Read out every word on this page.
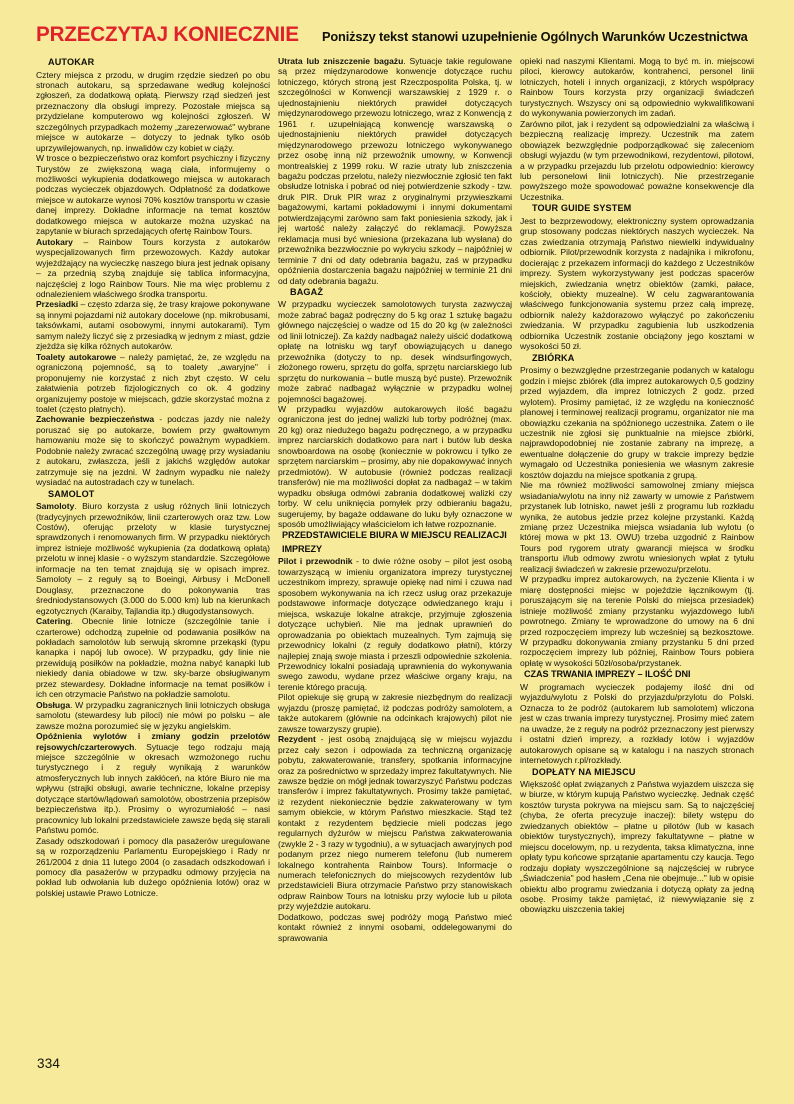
PRZECZYTAJ KONIECZNIE Poniższy tekst stanowi uzupełnienie Ogólnych Warunków Uczestnictwa
AUTOKAR

Cztery miejsca z przodu, w drugim rzędzie siedzeń po obu stronach autokaru, są sprzedawane według kolejności zgłoszeń, za dodatkową opłatą. Pierwszy rząd siedzeń jest przeznaczony dla obsługi imprezy. Pozostałe miejsca są przydzielane komputerowo wg kolejności zgłoszeń. W szczególnych przypadkach możemy „zarezerwować" wybrane miejsce w autokarze – dotyczy to jednak tylko osób uprzywilejowanych, np. inwalidów czy kobiet w ciąży.

W trosce o bezpieczeństwo oraz komfort psychiczny i fizyczny Turystów ze zwiększoną wagą ciała, informujemy o możliwości wykupienia dodatkowego miejsca w autokarach podczas wycieczek objazdowych. Odpłatność za dodatkowe miejsce w autokarze wynosi 70% kosztów transportu w czasie danej imprezy. Dokładne informacje na temat kosztów dodatkowego miejsca w autokarze można uzyskać na zapytanie w biurach sprzedających ofertę Rainbow Tours.

Autokary – Rainbow Tours korzysta z autokarów wyspecjalizowanych firm przewozowych. Każdy autokar wyjeżdżający na wycieczkę naszego biura jest jednak opisany – za przednią szybą znajduje się tablica informacyjna, najczęściej z logo Rainbow Tours. Nie ma więc problemu z odnalezieniem właściwego środka transportu.

Przesiadki – często zdarza się, że trasy krajowe pokonywane są innymi pojazdami niż autokary docelowe (np. mikrobusami, taksówkami, autami osobowymi, innymi autokarami). Tym samym należy liczyć się z przesiadką w jednym z miast, gdzie zjeżdża się kilka różnych autokarów.

Toalety autokarowe – należy pamiętać, że, ze względu na ograniczoną pojemność, są to toalety „awaryjne" i proponujemy nie korzystać z nich zbyt często. W celu załatwienia potrzeb fizjologicznych co ok. 4 godziny organizujemy postoje w miejscach, gdzie skorzystać można z toalet (często płatnych).

Zachowanie bezpieczeństwa - podczas jazdy nie należy poruszać się po autokarze, bowiem przy gwałtownym hamowaniu może się to skończyć poważnym wypadkiem. Podobnie należy zwracać szczególną uwagę przy wysiadaniu z autokaru, zwłaszcza, jeśli z jakichś względów autokar zatrzymuje się na jezdni. W żadnym wypadku nie należy wysiadać na autostradach czy w tunelach.

SAMOLOT

Samoloty. Biuro korzysta z usług różnych linii lotniczych (tradycyjnych przewoźników, linii czarterowych oraz tzw. Low Costów), oferując przeloty w klasie turystycznej sprawdzonych i renomowanych firm. W przypadku niektórych imprez istnieje możliwość wykupienia (za dodatkową opłatą) przelotu w innej klasie - o wyższym standardzie. Szczegółowe informacje na ten temat znajdują się w opisach imprez. Samoloty – z reguły są to Boeingi, Airbusy i McDonell Douglasy, przeznaczone do pokonywania tras średniodystansowych (3.000 do 5.000 km) lub na kierunkach egzotycznych (Karaiby, Tajlandia itp.) długodystansowych.

Catering. Obecnie linie lotnicze (szczególnie tanie i czarterowe) odchodzą zupełnie od podawania posiłków na pokładach samolotów lub serwują skromne przekąski (typu kanapka i napój lub owoce). W przypadku, gdy linie nie przewidują posiłków na pokładzie, można nabyć kanapki lub niekiedy dania obiadowe w tzw. sky-barze obsługiwanym przez stewardesy. Dokładne informacje na temat posiłków i ich cen otrzymacie Państwo na pokładzie samolotu.

Obsługa. W przypadku zagranicznych linii lotniczych obsługa samolotu (stewardesy lub piloci) nie mówi po polsku – ale zawsze można porozumieć się w języku angielskim.

Opóźnienia wylotów i zmiany godzin przelotów rejsowych/czarterowych. Sytuacje tego rodzaju mają miejsce szczególnie w okresach wzmożonego ruchu turystycznego i z reguły wynikają z warunków atmosferycznych lub innych zakłóceń, na które Biuro nie ma wpływu (strajki obsługi, awarie techniczne, lokalne przepisy dotyczące startów/lądowań samolotów, obostrzenia przepisów bezpieczeństwa itp.). Prosimy o wyrozumiałość – nasi pracownicy lub lokalni przedstawiciele zawsze będą się starali Państwu pomóc.

Zasady odszkodowań i pomocy dla pasażerów uregulowane są w rozporządzeniu Parlamentu Europejskiego i Rady nr 261/2004 z dnia 11 lutego 2004 (o zasadach odszkodowań i pomocy dla pasażerów w przypadku odmowy przyjęcia na pokład lub odwołania lub dużego opóźnienia lotów) oraz w polskiej ustawie Prawo Lotnicze.

Utrata lub zniszczenie bagażu. Sytuacje takie regulowane są przez międzynarodowe konwencje dotyczące ruchu lotniczego, których stroną jest Rzeczpospolita Polska, tj. w szczególności w Konwencji warszawskiej z 1929 r. o ujednostajnieniu niektórych prawideł dotyczących międzynarodowego przewozu lotniczego, wraz z Konwencją z 1961 r. uzupełniającą konwencję warszawską o ujednostajnieniu niektórych prawideł dotyczących międzynarodowego przewozu lotniczego wykonywanego przez osobę inną niż przewoźnik umowny, w Konwencji montrealskiej z 1999 roku. W razie utraty lub zniszczenia bagażu podczas przelotu, należy niezwłocznie zgłosić ten fakt obsłudze lotniska i pobrać od niej potwierdzenie szkody - tzw. druk PIR. Druk PIR wraz z oryginalnymi przywieszkami bagażowymi, kartami pokładowymi i innymi dokumentami potwierdzającymi zarówno sam fakt poniesienia szkody, jak i jej wartość należy załączyć do reklamacji. Powyższa reklamacja musi być wniesiona (przekazana lub wysłana) do przewoźnika bezzwłocznie po wykryciu szkody – najpóźniej w terminie 7 dni od daty odebrania bagażu, zaś w przypadku opóźnienia dostarczenia bagażu najpóźniej w terminie 21 dni od daty odebrania bagażu.

BAGAŻ

W przypadku wycieczek samolotowych turysta zazwyczaj może zabrać bagaż podręczny do 5 kg oraz 1 sztukę bagażu głównego najczęściej o wadze od 15 do 20 kg (w zależności od linii lotniczej). Za każdy nadbagaż należy uiścić dodatkową opłatę na lotnisku wg taryf obowiązujących u danego przewoźnika (dotyczy to np. desek windsurfingowych, złożonego roweru, sprzętu do golfa, sprzętu narciarskiego lub sprzętu do nurkowania – butle muszą być puste). Przewoźnik może zabrać nadbagaż wyłącznie w przypadku wolnej pojemności bagażowej.

W przypadku wyjazdów autokarowych ilość bagażu ograniczona jest do jednej walizki lub torby podróżnej (max. 20 kg) oraz niedużego bagażu podręcznego, a w przypadku imprez narciarskich dodatkowo para nart i butów lub deska snowboardowa na osobę (koniecznie w pokrowcu i tylko ze sprzętem narciarskim – prosimy, aby nie dopakowywać innych przedmiotów). W autobusie (również podczas realizacji transferów) nie ma możliwości dopłat za nadbagaż – w takim wypadku obsługa odmówi zabrania dodatkowej walizki czy torby. W celu uniknięcia pomyłek przy odbieraniu bagażu, sugerujemy, by bagaże oddawane do luku były oznaczone w sposób umożliwiający właścicielom ich łatwe rozpoznanie.

PRZEDSTAWICIELE BIURA W MIEJSCU REALIZACJI IMPREZY

Pilot i przewodnik - to dwie różne osoby – pilot jest osobą towarzyszącą w imieniu organizatora imprezy turystycznej uczestnikom imprezy, sprawuje opiekę nad nimi i czuwa nad sposobem wykonywania na ich rzecz usług oraz przekazuje podstawowe informacje dotyczące odwiedzanego kraju i miejsca, wskazuje lokalne atrakcje, przyjmuje zgłoszenia dotyczące uchybień. Nie ma jednak uprawnień do oprowadzania po obiektach muzealnych. Tym zajmują się przewodnicy lokalni (z reguły dodatkowo płatni), którzy najlepiej znają swoje miasta i przeszli odpowiednie szkolenia. Przewodnicy lokalni posiadają uprawnienia do wykonywania swego zawodu, wydane przez właściwe organy kraju, na terenie którego pracują.

Pilot opiekuje się grupą w zakresie niezbędnym do realizacji wyjazdu (proszę pamiętać, iż podczas podróży samolotem, a także autokarem (głównie na odcinkach krajowych) pilot nie zawsze towarzyszy grupie).

Rezydent - jest osobą znajdującą się w miejscu wyjazdu przez cały sezon i odpowiada za techniczną organizację pobytu, zakwaterowanie, transfery, spotkania informacyjne oraz za pośrednictwo w sprzedaży imprez fakultatywnych. Nie zawsze będzie on mógł jednak towarzyszyć Państwu podczas transferów i imprez fakultatywnych. Prosimy także pamiętać, iż rezydent niekoniecznie będzie zakwaterowany w tym samym obiekcie, w którym Państwo mieszkacie. Stąd też kontakt z rezydentem będziecie mieli podczas jego regularnych dyżurów w miejscu Państwa zakwaterowania (zwykle 2 - 3 razy w tygodniu), a w sytuacjach awaryjnych pod podanym przez niego numerem telefonu (lub numerem lokalnego kontrahenta Rainbow Tours). Informacje o numerach telefonicznych do miejscowych rezydentów lub przedstawicieli Biura otrzymacie Państwo przy stanowiskach odpraw Rainbow Tours na lotnisku przy wylocie lub u pilota przy wyjeździe autokaru.

Dodatkowo, podczas swej podróży mogą Państwo mieć kontakt również z innymi osobami, oddelegowanymi do sprawowania

opieki nad naszymi Klientami. Mogą to być m. in. miejscowi piloci, kierowcy autokarów, kontrahenci, personel linii lotniczych, hoteli i innych organizacji, z których współpracy Rainbow Tours korzysta przy organizacji świadczeń turystycznych. Wszyscy oni są odpowiednio wykwalifikowani do wykonywania powierzonych im zadań.

Zarówno pilot, jak i rezydent są odpowiedzialni za właściwą i bezpieczną realizację imprezy. Uczestnik ma zatem obowiązek bezwzględnie podporządkować się zaleceniom obsługi wyjazdu (w tym przewodnikowi, rezydentowi, pilotowi, a w przypadku przejazdu lub przelotu odpowiednio: kierowcy lub personelowi linii lotniczych). Nie przestrzeganie powyższego może spowodować poważne konsekwencje dla Uczestnika.

TOUR GUIDE SYSTEM

Jest to bezprzewodowy, elektroniczny system oprowadzania grup stosowany podczas niektórych naszych wycieczek. Na czas zwiedzania otrzymają Państwo niewielki indywidualny odbiornik. Pilot/przewodnik korzysta z nadajnika i mikrofonu, docierając z przekazem informacji do każdego z Uczestników imprezy. System wykorzystywany jest podczas spacerów miejskich, zwiedzania wnętrz obiektów (zamki, pałace, kościoły, obiekty muzealne). W celu zagwarantowania właściwego funkcjonowania systemu przez całą imprezę, odbiornik należy każdorazowo wyłączyć po zakończeniu zwiedzania. W przypadku zagubienia lub uszkodzenia odbiornika Uczestnik zostanie obciążony jego kosztami w wysokości 50 zł.

ZBIÓRKA

Prosimy o bezwzględne przestrzeganie podanych w katalogu godzin i miejsc zbiórek (dla imprez autokarowych 0,5 godziny przed wyjazdem, dla imprez lotniczych 2 godz. przed wylotem). Prosimy pamiętać, iż ze względu na konieczność planowej i terminowej realizacji programu, organizator nie ma obowiązku czekania na spóźnionego uczestnika. Zatem o ile uczestnik nie zgłosi się punktualnie na miejsce zbiórki, najprawdopodobniej nie zostanie zabrany na imprezę, a ewentualne dołączenie do grupy w trakcie imprezy będzie wymagało od Uczestnika poniesienia we własnym zakresie kosztów dojazdu na miejsce spotkania z grupą.

Nie ma również możliwości samowolnej zmiany miejsca wsiadania/wylotu na inny niż zawarty w umowie z Państwem przystanek lub lotnisko, nawet jeśli z programu lub rozkładu wynika, że autobus jedzie przez kolejne przystanki. Każdą zmianę przez Uczestnika miejsca wsiadania lub wylotu (o której mowa w pkt 13. OWU) trzeba uzgodnić z Rainbow Tours pod rygorem utraty gwarancji miejsca w środku transportu i/lub odmowy zwrotu wniesionych wpłat z tytułu realizacji świadczeń w zakresie przewozu/przelotu.

W przypadku imprez autokarowych, na życzenie Klienta i w miarę dostępności miejsc w pojeździe łącznikowym (tj. poruszającym się na terenie Polski do miejsca przesiadek) istnieje możliwość zmiany przystanku wyjazdowego lub/i powrotnego. Zmiany te wprowadzone do umowy na 6 dni przed rozpoczęciem imprezy lub wcześniej są bezkosztowe. W przypadku dokonywania zmiany przystanku 5 dni przed rozpoczęciem imprezy lub później, Rainbow Tours pobiera opłatę w wysokości 50zł/osoba/przystanek.

CZAS TRWANIA IMPREZY – ILOŚĆ DNI

W programach wycieczek podajemy ilość dni od wyjazdu/wylotu z Polski do przyjazdu/przylotu do Polski. Oznacza to że podróż (autokarem lub samolotem) wliczona jest w czas trwania imprezy turystycznej. Prosimy mieć zatem na uwadze, że z reguły na podróż przeznaczony jest pierwszy i ostatni dzień imprezy, a rozkłady lotów i wyjazdów autokarowych opisane są w katalogu i na naszych stronach internetowych r.pl/rozkłady.

DOPŁATY NA MIEJSCU

Większość opłat związanych z Państwa wyjazdem uiszcza się w biurze, w którym kupują Państwo wycieczkę. Jednak część kosztów turysta pokrywa na miejscu sam. Są to najczęściej (chyba, że oferta precyzuje inaczej): bilety wstępu do zwiedzanych obiektów – płatne u pilotów (lub w kasach obiektów turystycznych), imprezy fakultatywne – płatne w miejscu docelowym, np. u rezydenta, taksa klimatyczna, inne opłaty typu końcowe sprzątanie apartamentu czy kaucja. Tego rodzaju dopłaty wyszczególnione są najczęściej w rubryce „Świadczenia" pod hasłem „Cena nie obejmuje..." lub w opisie obiektu albo programu zwiedzania i dotyczą opłaty za jedną osobę. Prosimy także pamiętać, iż niewywiązanie się z obowiązku uiszczenia takiej

334
